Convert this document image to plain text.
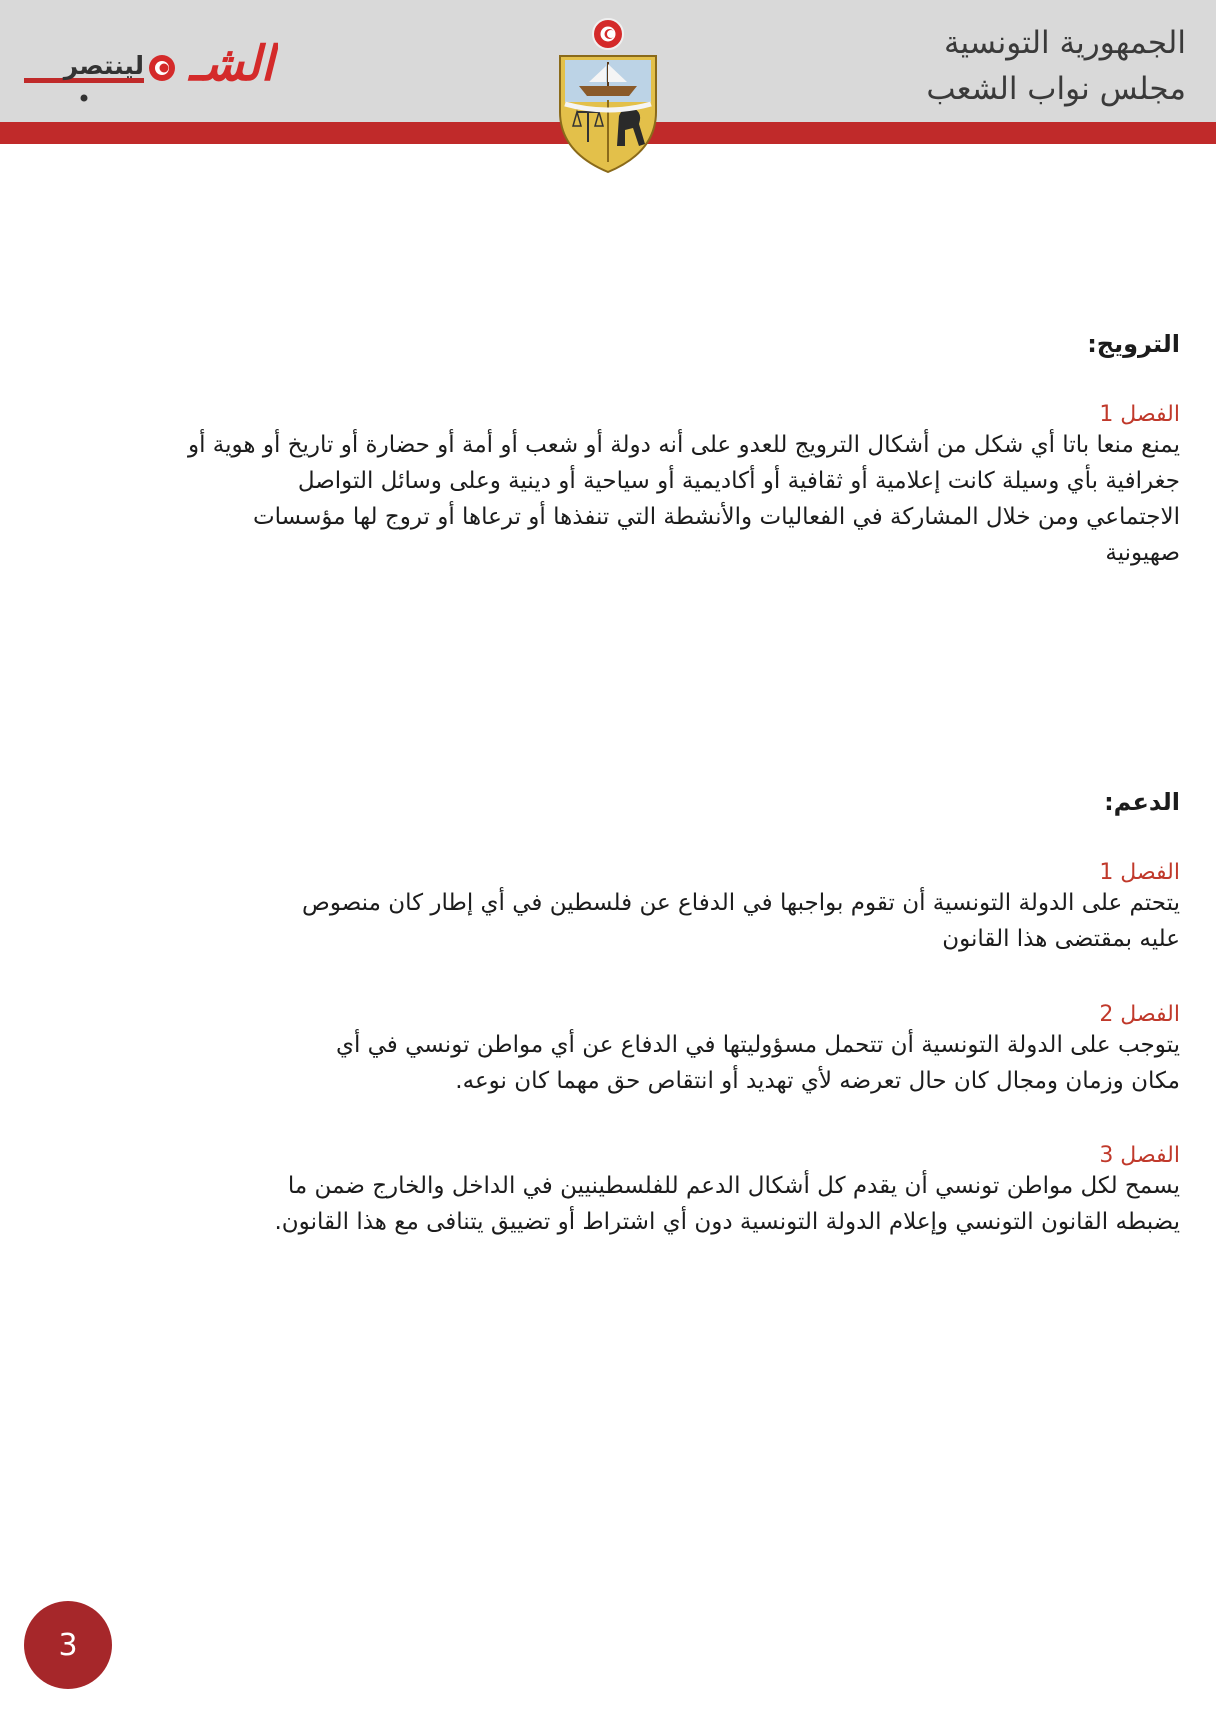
الجمهورية التونسية
مجلس نواب الشعب
الشـ
لينتصر
الترويج:
الفصل 1
يمنع منعا باتا أي شكل من أشكال الترويج للعدو على أنه دولة أو شعب أو أمة أو حضارة أو تاريخ أو هوية أو
جغرافية بأي وسيلة كانت إعلامية أو ثقافية أو أكاديمية أو سياحية أو دينية وعلى وسائل التواصل
الاجتماعي ومن خلال المشاركة في الفعاليات والأنشطة التي تنفذها أو ترعاها أو تروج لها مؤسسات
صهيونية
الدعم:
الفصل 1
يتحتم على الدولة التونسية أن تقوم بواجبها في الدفاع عن فلسطين في أي إطار كان منصوص
عليه بمقتضى هذا القانون
الفصل 2
يتوجب على الدولة التونسية أن تتحمل مسؤوليتها في الدفاع عن أي مواطن تونسي في أي
مكان وزمان ومجال كان حال تعرضه لأي تهديد أو انتقاص حق مهما كان نوعه.
الفصل 3
يسمح لكل مواطن تونسي أن يقدم كل أشكال الدعم للفلسطينيين في الداخل والخارج ضمن ما
يضبطه القانون التونسي وإعلام الدولة التونسية دون أي اشتراط أو تضييق يتنافى مع هذا القانون.
3
